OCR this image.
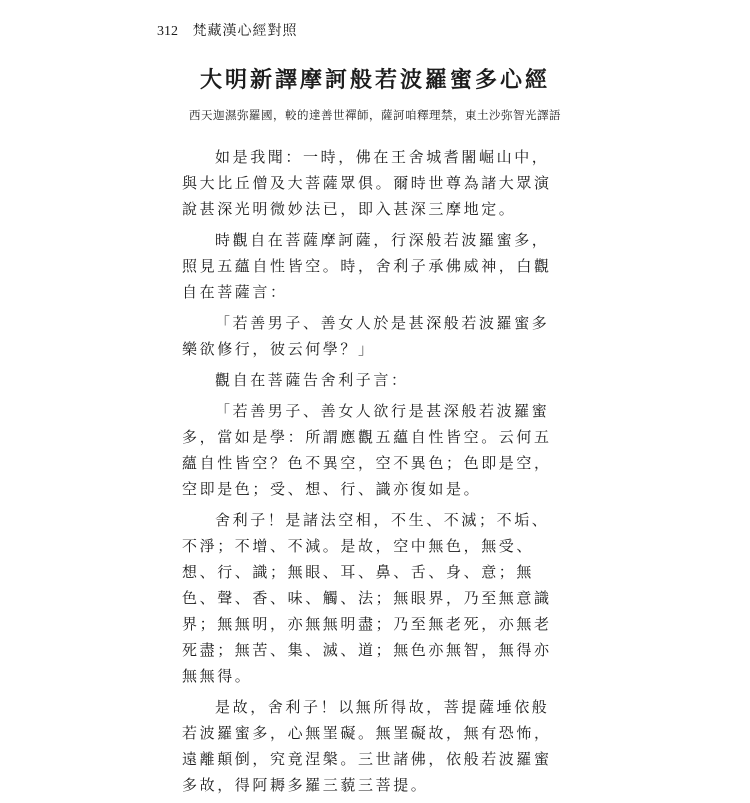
312 梵藏漢心經對照
大明新譯摩訶般若波羅蜜多心經
西天迦濕弥羅國，較的達善世禪師，薩訶咱釋理禁，東土沙弥智光譯語

如是我聞：一時，佛在王舍城耆闍崛山中，與大比丘僧及大菩薩眾俱。爾時世尊為諸大眾演說甚深光明微妙法已，即入甚深三摩地定。

時觀自在菩薩摩訶薩，行深般若波羅蜜多，照見五蘊自性皆空。時，舍利子承佛威神，白觀自在菩薩言：

「若善男子、善女人於是甚深般若波羅蜜多樂欲修行，彼云何學？」

觀自在菩薩告舍利子言：

「若善男子、善女人欲行是甚深般若波羅蜜多，當如是學：所謂應觀五蘊自性皆空。云何五蘊自性皆空？色不異空，空不異色；色即是空，空即是色；受、想、行、識亦復如是。

舍利子！是諸法空相，不生、不滅；不垢、不淨；不增、不減。是故，空中無色，無受、想、行、識；無眼、耳、鼻、舌、身、意；無色、聲、香、味、觸、法；無眼界，乃至無意識界；無無明，亦無無明盡；乃至無老死，亦無老死盡；無苦、集、滅、道；無色亦無智，無得亦無無得。

是故，舍利子！以無所得故，菩提薩埵依般若波羅蜜多，心無罣礙。無罣礙故，無有恐怖，遠離顛倒，究竟涅槃。三世諸佛，依般若波羅蜜多故，得阿耨多羅三藐三菩提。
